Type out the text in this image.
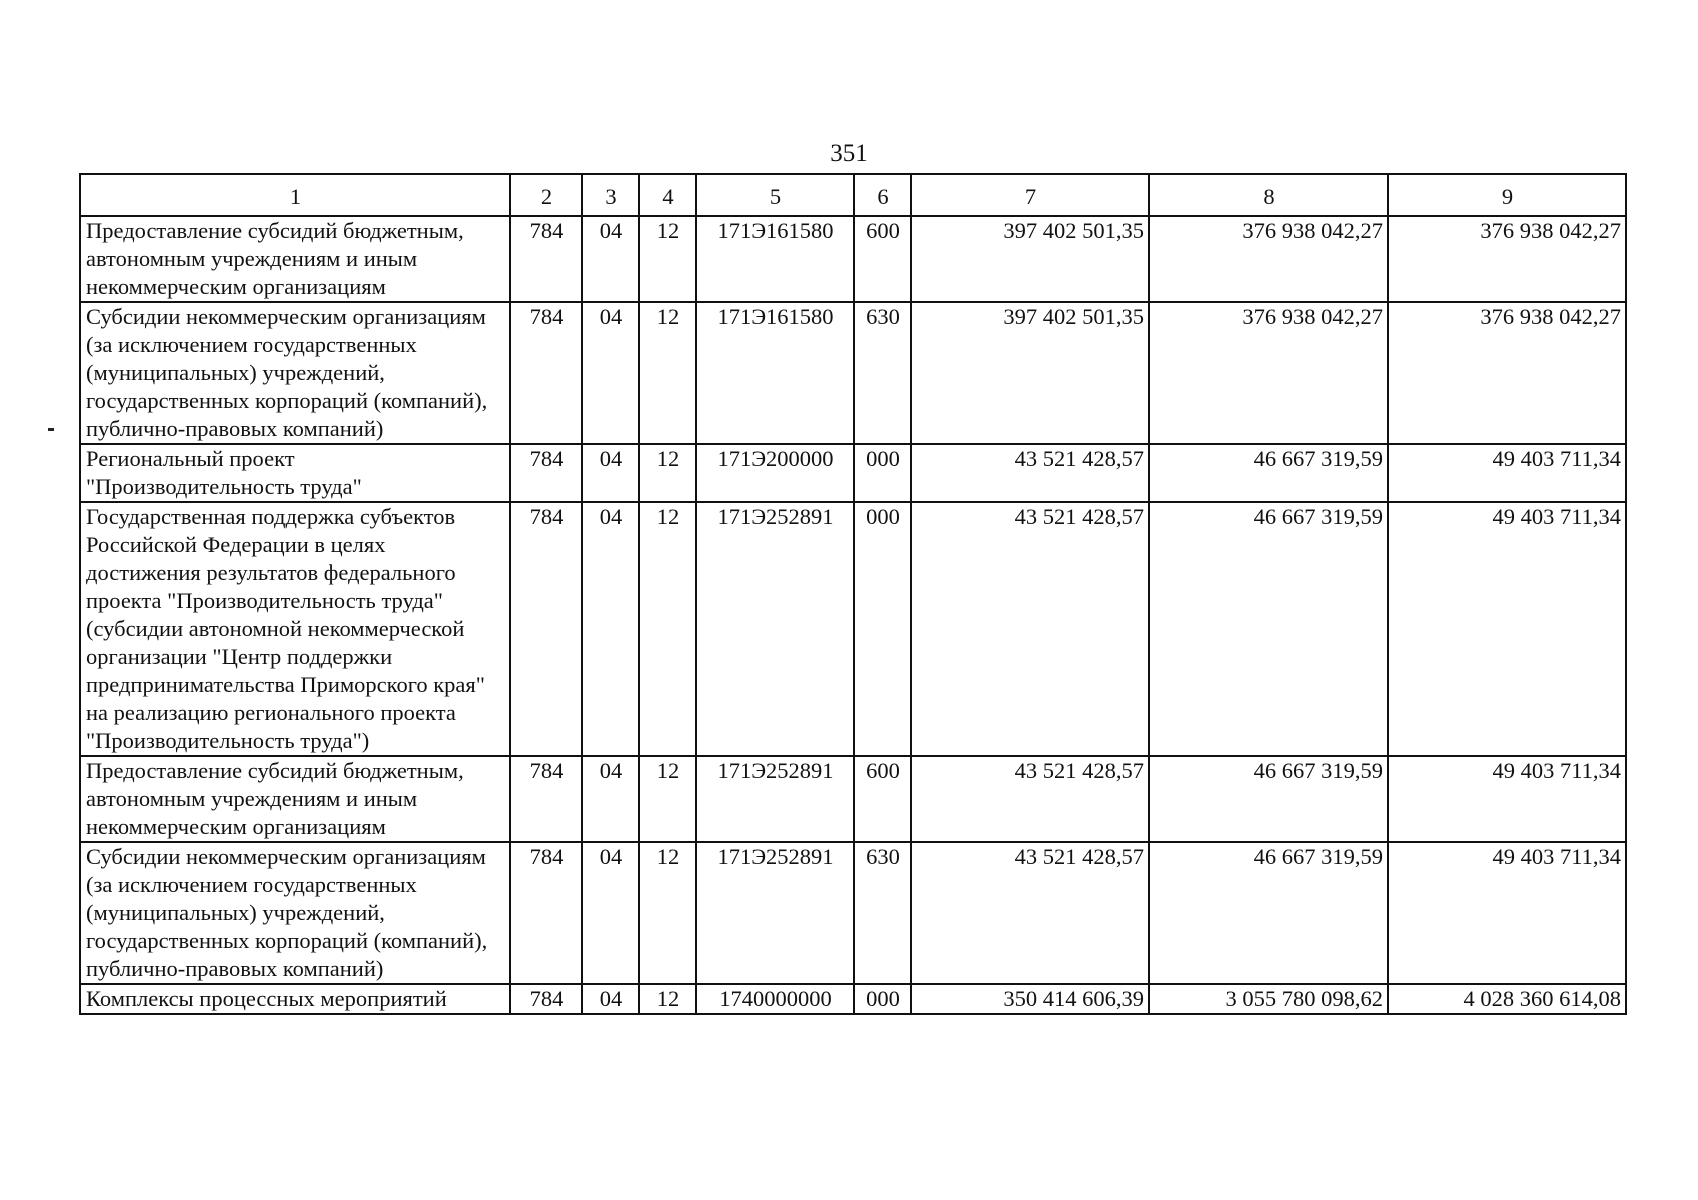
351
1	2	3	4	5	6	7	8	9
Предоставление субсидий бюджетным, автономным учреждениям и иным некоммерческим организациям	784	04	12	171Э161580	600	397 402 501,35	376 938 042,27	376 938 042,27
Субсидии некоммерческим организациям (за исключением государственных (муниципальных) учреждений, государственных корпораций (компаний), публично-правовых компаний)	784	04	12	171Э161580	630	397 402 501,35	376 938 042,27	376 938 042,27
Региональный проект "Производительность труда"	784	04	12	171Э200000	000	43 521 428,57	46 667 319,59	49 403 711,34
Государственная поддержка субъектов Российской Федерации в целях достижения результатов федерального проекта "Производительность труда" (субсидии автономной некоммерческой организации "Центр поддержки предпринимательства Приморского края" на реализацию регионального проекта "Производительность труда")	784	04	12	171Э252891	000	43 521 428,57	46 667 319,59	49 403 711,34
Предоставление субсидий бюджетным, автономным учреждениям и иным некоммерческим организациям	784	04	12	171Э252891	600	43 521 428,57	46 667 319,59	49 403 711,34
Субсидии некоммерческим организациям (за исключением государственных (муниципальных) учреждений, государственных корпораций (компаний), публично-правовых компаний)	784	04	12	171Э252891	630	43 521 428,57	46 667 319,59	49 403 711,34
Комплексы процессных мероприятий	784	04	12	1740000000	000	350 414 606,39	3 055 780 098,62	4 028 360 614,08
